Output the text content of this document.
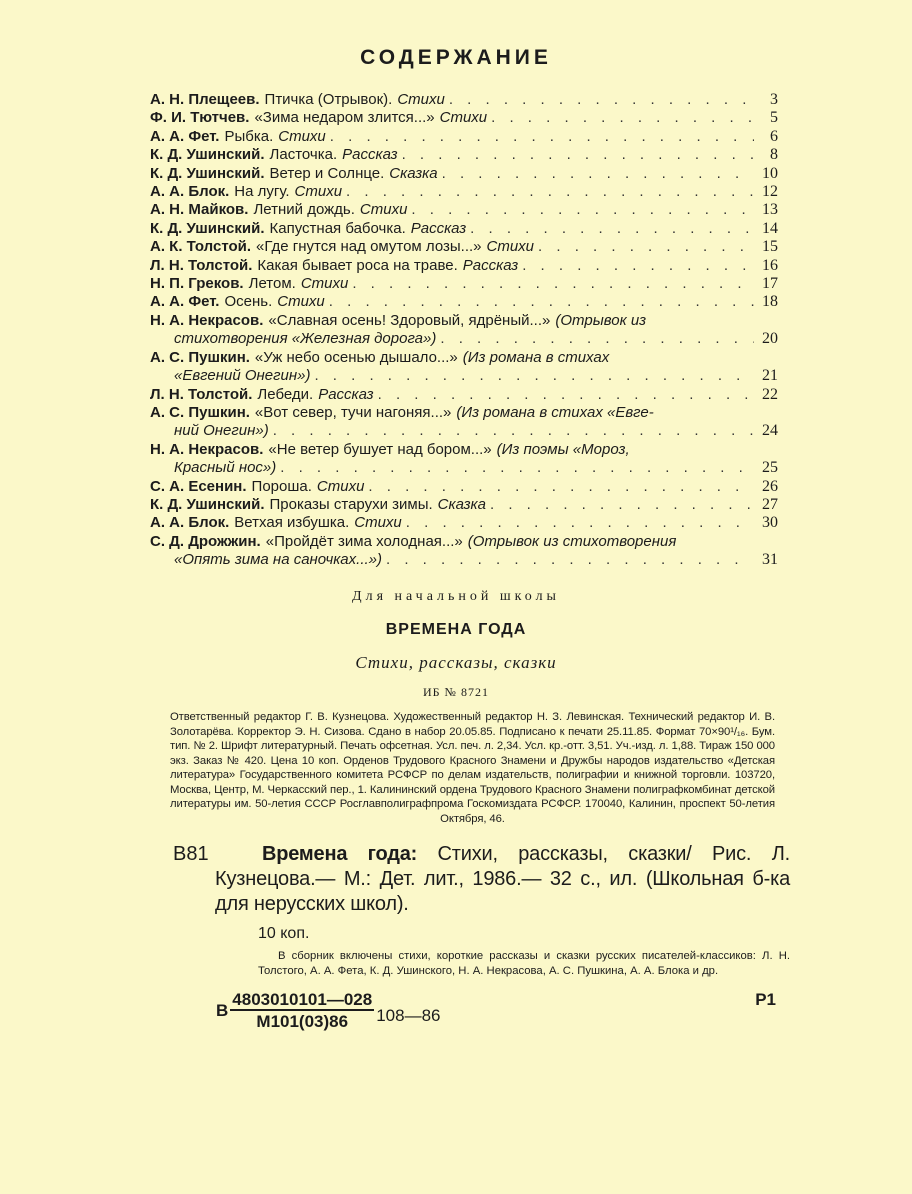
СОДЕРЖАНИЕ
А. Н. Плещеев. Птичка (Отрывок). Стихи . . .	3
Ф. И. Тютчев. «Зима недаром злится...» Стихи . . .	5
А. А. Фет. Рыбка. Стихи . . .	6
К. Д. Ушинский. Ласточка. Рассказ . . .	8
К. Д. Ушинский. Ветер и Солнце. Сказка . . .	10
А. А. Блок. На лугу. Стихи . . .	12
А. Н. Майков. Летний дождь. Стихи . . .	13
К. Д. Ушинский. Капустная бабочка. Рассказ . . .	14
А. К. Толстой. «Где гнутся над омутом лозы...» Стихи . . .	15
Л. Н. Толстой. Какая бывает роса на траве. Рассказ . . .	16
Н. П. Греков. Летом. Стихи . . .	17
А. А. Фет. Осень. Стихи . . .	18
Н. А. Некрасов. «Славная осень! Здоровый, ядрёный...» (Отрывок из
стихотворения «Железная дорога») . . .	20
А. С. Пушкин. «Уж небо осенью дышало...» (Из романа в стихах
«Евгений Онегин») . . .	21
Л. Н. Толстой. Лебеди. Рассказ . . .	22
А. С. Пушкин. «Вот север, тучи нагоняя...» (Из романа в стихах «Евге-
ний Онегин») . . .	24
Н. А. Некрасов. «Не ветер бушует над бором...» (Из поэмы «Мороз,
Красный нос») . . .	25
С. А. Есенин. Пороша. Стихи . . .	26
К. Д. Ушинский. Проказы старухи зимы. Сказка . . .	27
А. А. Блок. Ветхая избушка. Стихи . . .	30
С. Д. Дрожжин. «Пройдёт зима холодная...» (Отрывок из стихотворения
«Опять зима на саночках...») . . .	31
Для начальной школы
ВРЕМЕНА ГОДА
Стихи, рассказы, сказки
ИБ № 8721
Ответственный редактор Г. В. Кузнецова. Художественный редактор Н. З. Левинская. Технический редактор И. В. Золотарёва. Корректор Э. Н. Сизова. Сдано в набор 20.05.85. Подписано к печати 25.11.85. Формат 70×90¹/₁₆. Бум. тип. № 2. Шрифт литературный. Печать офсетная. Усл. печ. л. 2,34. Усл. кр.-отт. 3,51. Уч.-изд. л. 1,88. Тираж 150 000 экз. Заказ № 420. Цена 10 коп. Орденов Трудового Красного Знамени и Дружбы народов издательство «Детская литература» Государственного комитета РСФСР по делам издательств, полиграфии и книжной торговли. 103720, Москва, Центр, М. Черкасский пер., 1. Калининский ордена Трудового Красного Знамени полиграфкомбинат детской литературы им. 50-летия СССР Росглавполиграфпрома Госкомиздата РСФСР. 170040, Калинин, проспект 50-летия Октября, 46.
В81	Времена года: Стихи, рассказы, сказки/ Рис. Л. Кузнецова.— М.: Дет. лит., 1986.— 32 с., ил. (Школьная б-ка для нерусских школ).
10 коп.
В сборник включены стихи, короткие рассказы и сказки русских писателей-классиков: Л. Н. Толстого, А. А. Фета, К. Д. Ушинского, Н. А. Некрасова, А. С. Пушкина, А. А. Блока и др.
В $\frac{4803010101—028}{М101(03)86}$ 108—86
Р1
